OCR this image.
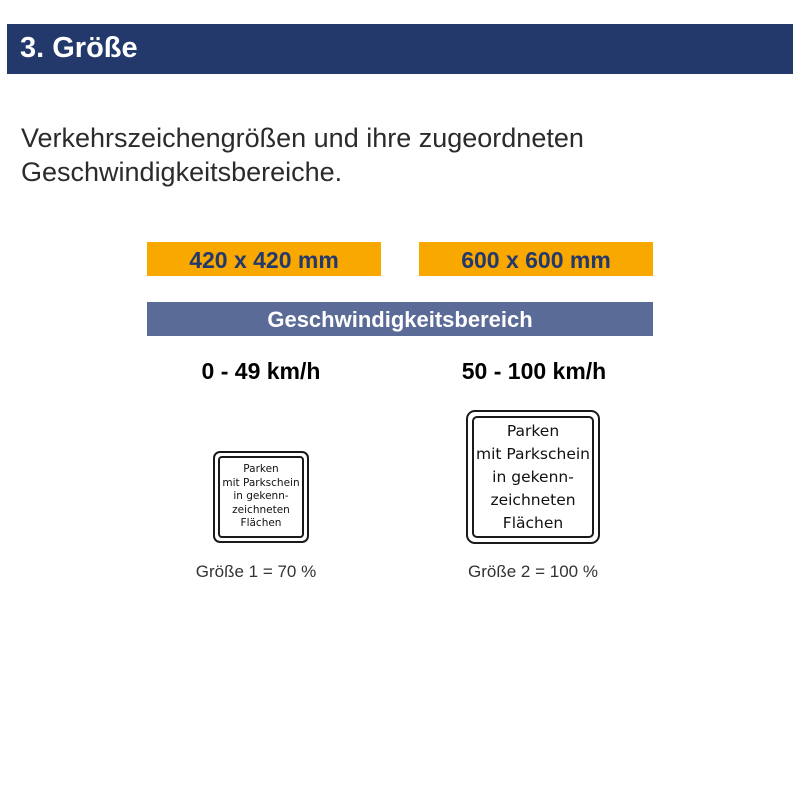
3. Größe
Verkehrszeichengrößen und ihre zugeordneten
Geschwindigkeitsbereiche.
420 x 420 mm	600 x 600 mm
Geschwindigkeitsbereich
0 - 49 km/h	50 - 100 km/h
Parken
mit Parkschein
in gekenn-
zeichneten
Flächen
Parken
mit Parkschein
in gekenn-
zeichneten
Flächen
Größe 1 = 70 %	Größe 2 = 100 %
